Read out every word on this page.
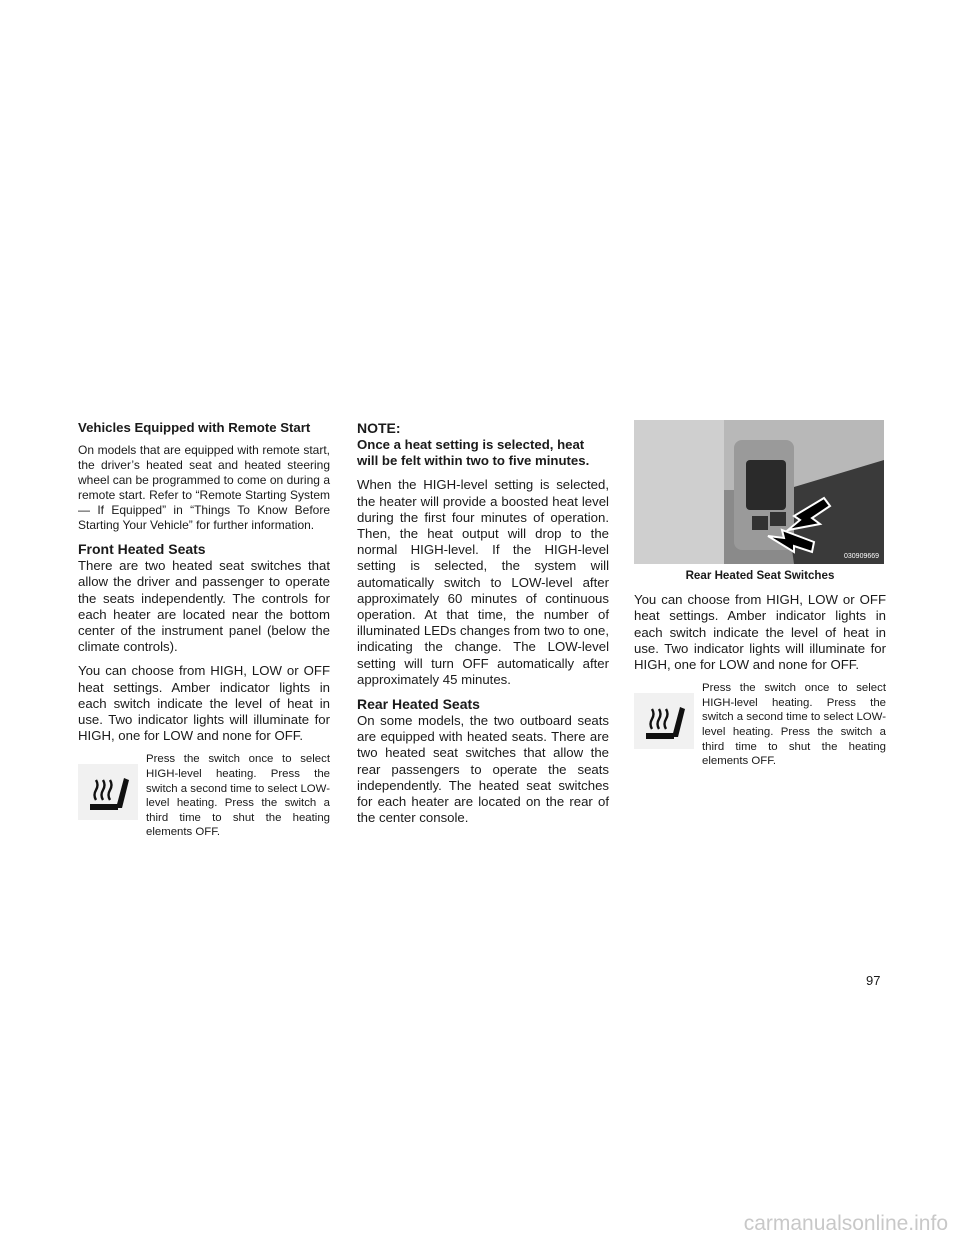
Vehicles Equipped with Remote Start

On models that are equipped with remote start, the driver’s heated seat and heated steering wheel can be programmed to come on during a remote start. Refer to “Remote Starting System — If Equipped” in “Things To Know Before Starting Your Vehicle” for further information.

Front Heated Seats

There are two heated seat switches that allow the driver and passenger to operate the seats independently. The controls for each heater are located near the bottom center of the instrument panel (below the climate controls).

You can choose from HIGH, LOW or OFF heat settings. Amber indicator lights in each switch indicate the level of heat in use. Two indicator lights will illuminate for HIGH, one for LOW and none for OFF.

Press the switch once to select HIGH-level heating. Press the switch a second time to select LOW-level heating. Press the switch a third time to shut the heating elements OFF.
NOTE:

Once a heat setting is selected, heat will be felt within two to five minutes.

When the HIGH-level setting is selected, the heater will provide a boosted heat level during the first four minutes of operation. Then, the heat output will drop to the normal HIGH-level. If the HIGH-level setting is selected, the system will automatically switch to LOW-level after approximately 60 minutes of continuous operation. At that time, the number of illuminated LEDs changes from two to one, indicating the change. The LOW-level setting will turn OFF automatically after approximately 45 minutes.

Rear Heated Seats

On some models, the two outboard seats are equipped with heated seats. There are two heated seat switches that allow the rear passengers to operate the seats independently. The heated seat switches for each heater are located on the rear of the center console.

030909669
Rear Heated Seat Switches

You can choose from HIGH, LOW or OFF heat settings. Amber indicator lights in each switch indicate the level of heat in use. Two indicator lights will illuminate for HIGH, one for LOW and none for OFF.

Press the switch once to select HIGH-level heating. Press the switch a second time to select LOW-level heating. Press the switch a third time to shut the heating elements OFF.
97
carmanualsonline.info
